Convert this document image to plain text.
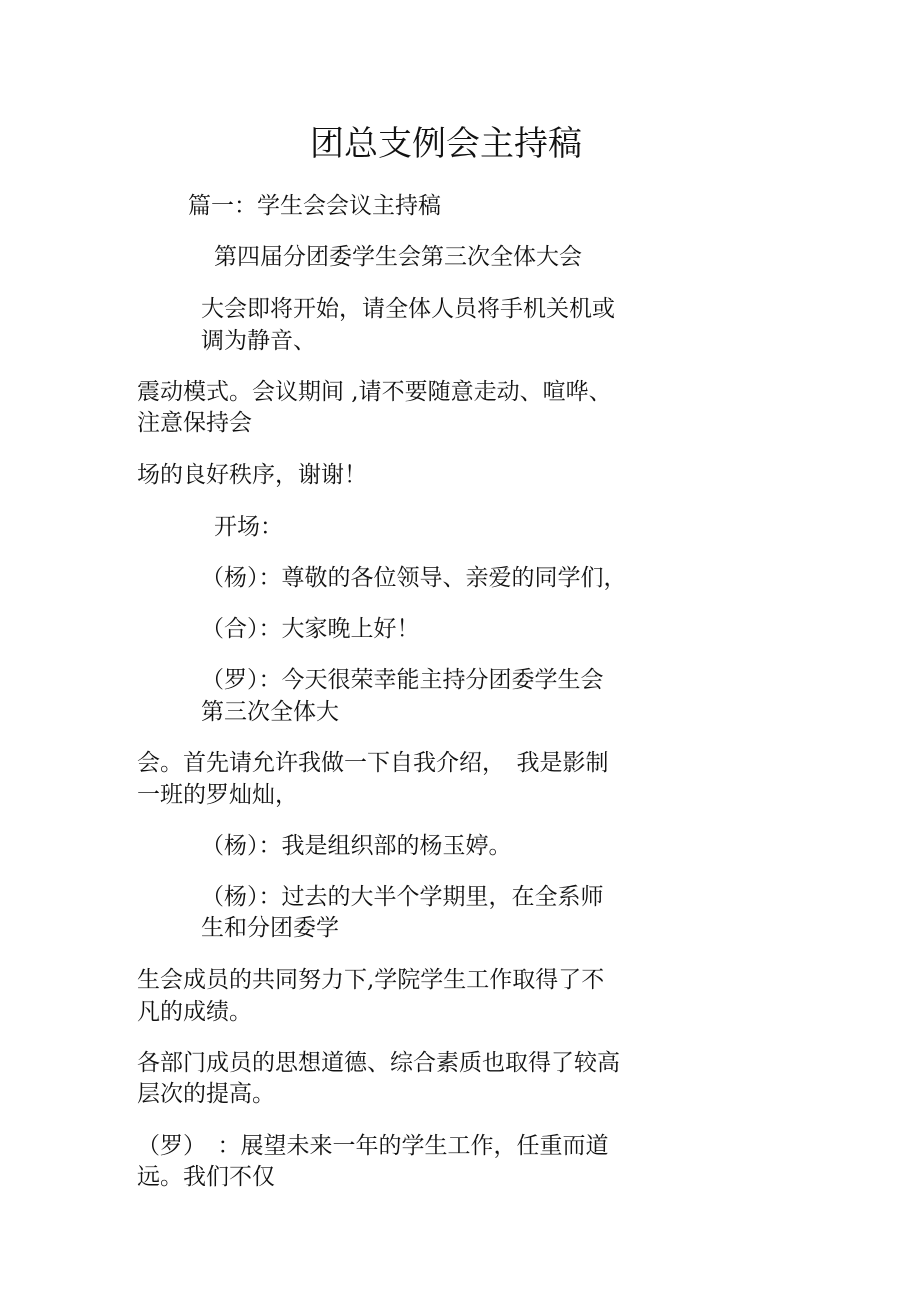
团总支例会主持稿

篇一：学生会会议主持稿

第四届分团委学生会第三次全体大会

大会即将开始，请全体人员将手机关机或

调为静音、

震动模式。会议期间 ,请不要随意走动、喧哗、

注意保持会

场的良好秩序，谢谢！

开场：

（杨）：尊敬的各位领导、亲爱的同学们，

（合）：大家晚上好！

（罗）：今天很荣幸能主持分团委学生会

第三次全体大

会。首先请允许我做一下自我介绍，　我是影制

一班的罗灿灿，

（杨）：我是组织部的杨玉婷。

（杨）：过去的大半个学期里，在全系师

生和分团委学

生会成员的共同努力下,学院学生工作取得了不

凡的成绩。

各部门成员的思想道德、综合素质也取得了较高

层次的提高。

（罗）　：展望未来一年的学生工作，任重而道

远。我们不仅
